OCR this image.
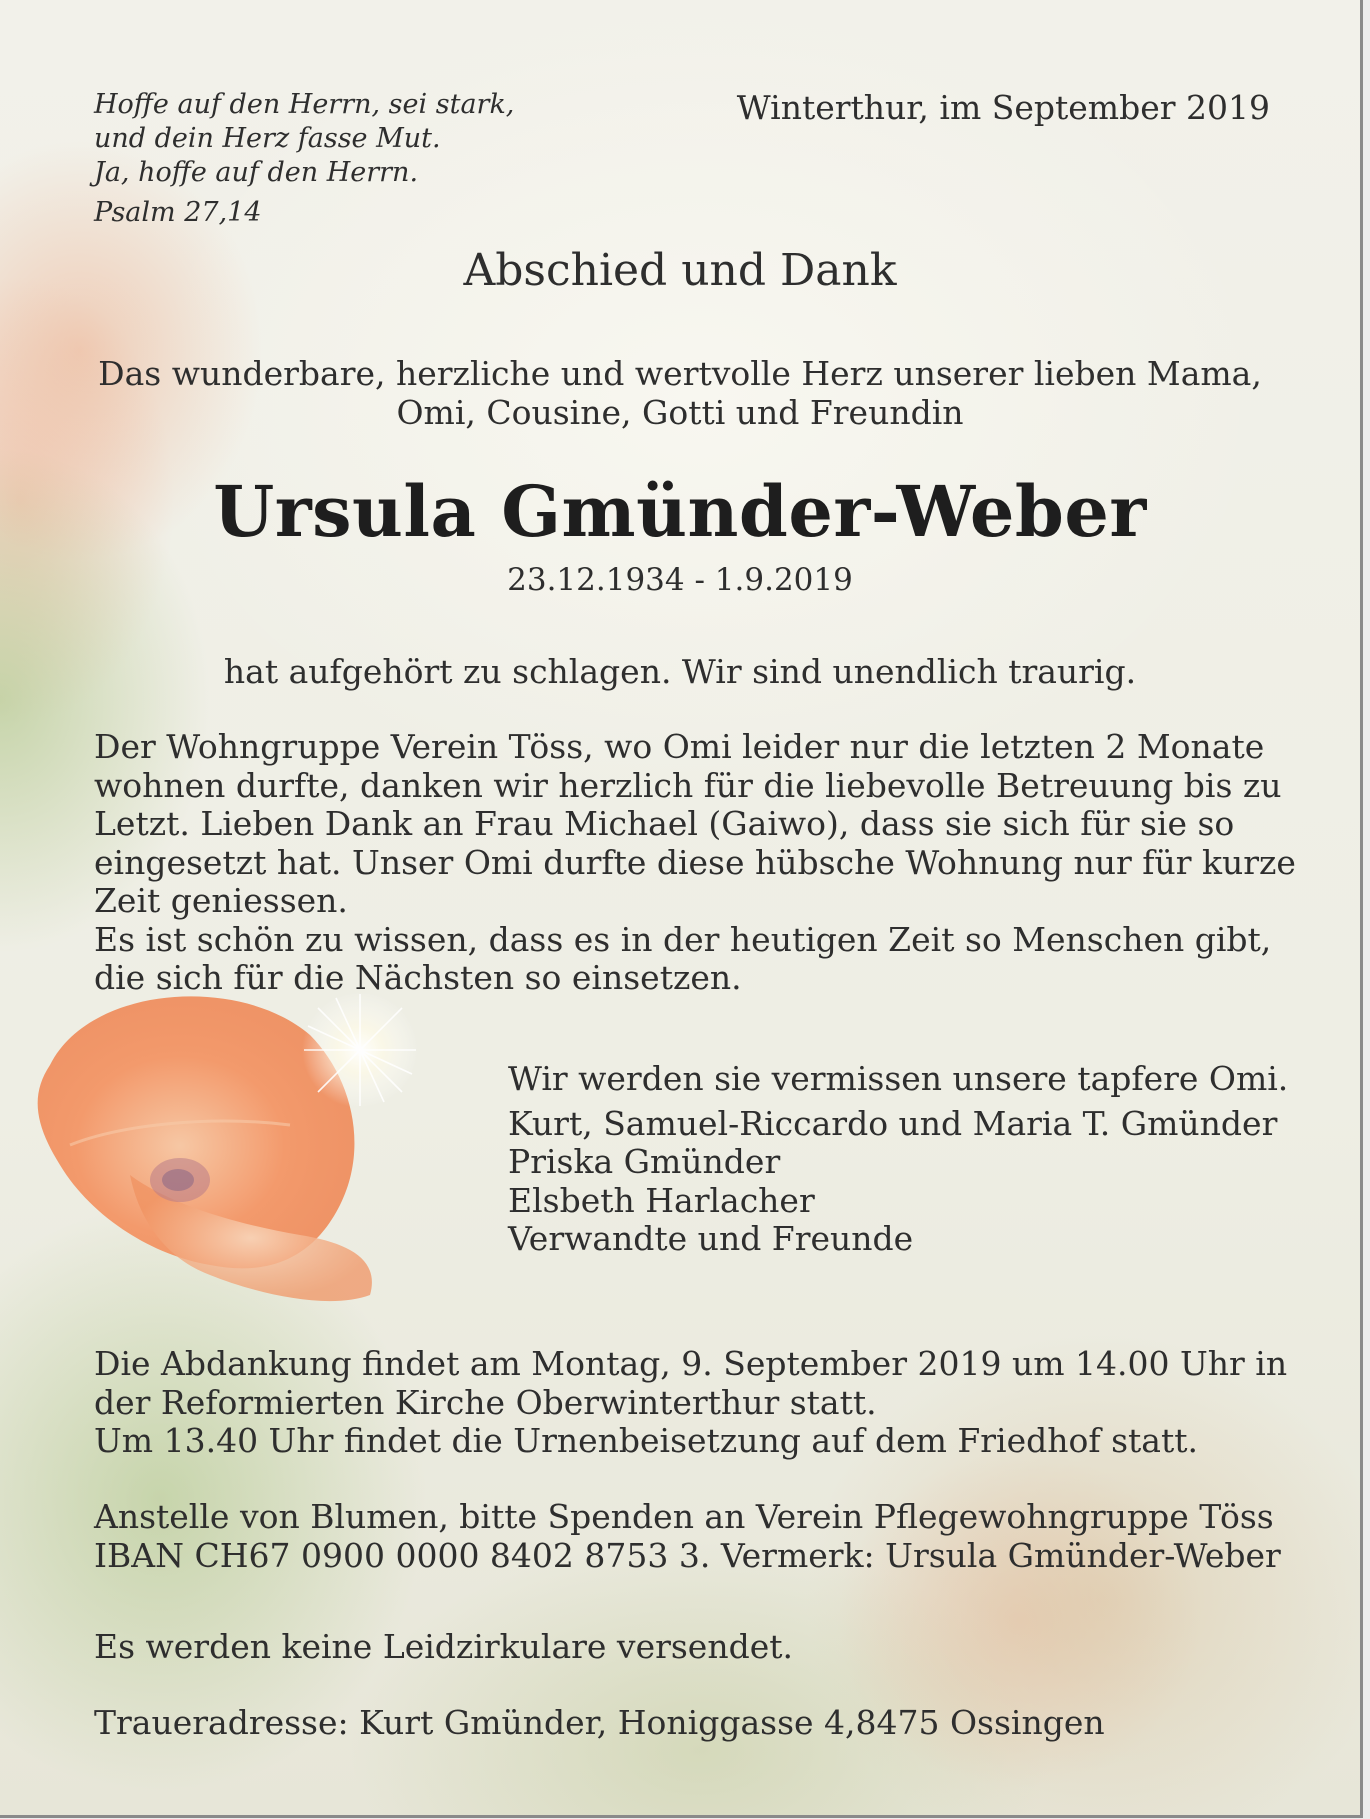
Hoffe auf den Herrn, sei stark,
und dein Herz fasse Mut.
Ja, hoffe auf den Herrn.
Psalm 27,14
Winterthur, im September 2019
Abschied und Dank
Das wunderbare, herzliche und wertvolle Herz unserer lieben Mama,
Omi, Cousine, Gotti und Freundin
Ursula Gmünder-Weber
23.12.1934 - 1.9.2019
hat aufgehört zu schlagen. Wir sind unendlich traurig.
Der Wohngruppe Verein Töss, wo Omi leider nur die letzten 2 Monate
wohnen durfte, danken wir herzlich für die liebevolle Betreuung bis zu
Letzt. Lieben Dank an Frau Michael (Gaiwo), dass sie sich für sie so
eingesetzt hat. Unser Omi durfte diese hübsche Wohnung nur für kurze
Zeit geniessen.
Es ist schön zu wissen, dass es in der heutigen Zeit so Menschen gibt,
die sich für die Nächsten so einsetzen.
Wir werden sie vermissen unsere tapfere Omi.
Kurt, Samuel-Riccardo und Maria T. Gmünder
Priska Gmünder
Elsbeth Harlacher
Verwandte und Freunde
Die Abdankung findet am Montag, 9. September 2019 um 14.00 Uhr in
der Reformierten Kirche Oberwinterthur statt.
Um 13.40 Uhr findet die Urnenbeisetzung auf dem Friedhof statt.
Anstelle von Blumen, bitte Spenden an Verein Pflegewohngruppe Töss
IBAN CH67 0900 0000 8402 8753 3. Vermerk: Ursula Gmünder-Weber
Es werden keine Leidzirkulare versendet.
Traueradresse: Kurt Gmünder, Honiggasse 4,8475 Ossingen
